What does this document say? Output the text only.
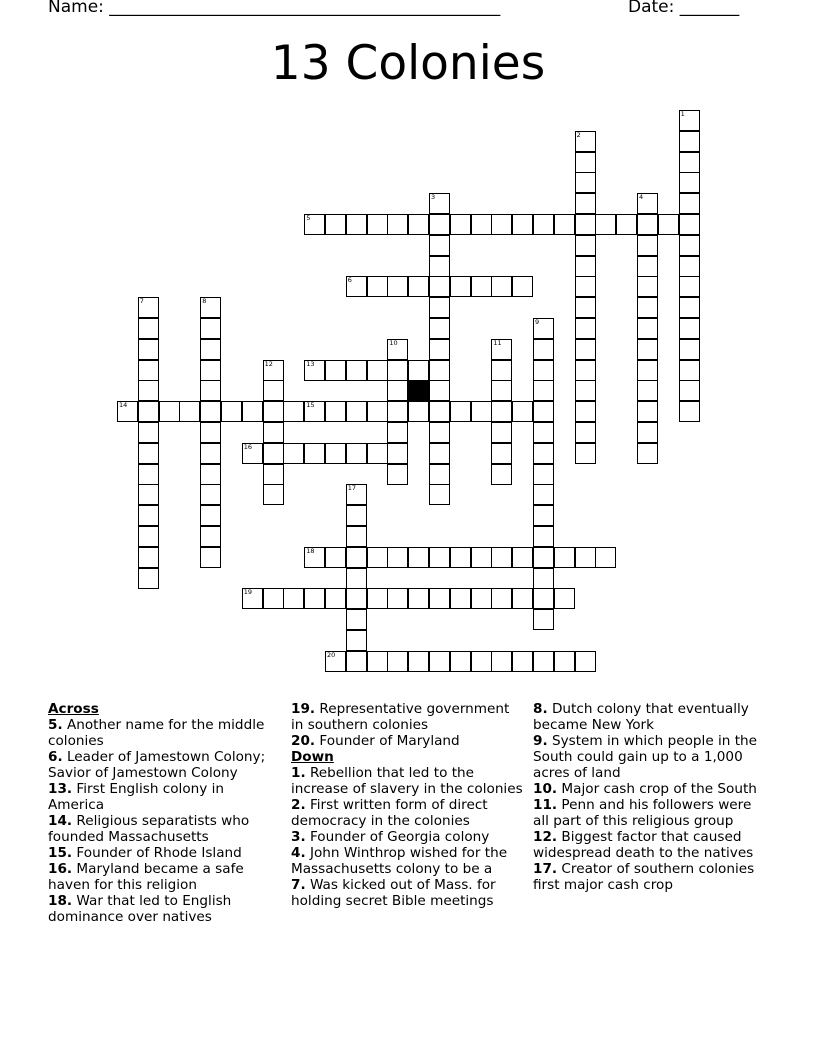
Name: ______________________________________________	Date: _______
13 Colonies
1
2
3	4
5
6
7	8
9
10	11
12	13
14	15
16
17
18
19
20
Across
5. Another name for the middle colonies
6. Leader of Jamestown Colony; Savior of Jamestown Colony
13. First English colony in America
14. Religious separatists who founded Massachusetts
15. Founder of Rhode Island
16. Maryland became a safe haven for this religion
18. War that led to English dominance over natives
19. Representative government in southern colonies
20. Founder of Maryland
Down
1. Rebellion that led to the increase of slavery in the colonies
2. First written form of direct democracy in the colonies
3. Founder of Georgia colony
4. John Winthrop wished for the Massachusetts colony to be a
7. Was kicked out of Mass. for holding secret Bible meetings
8. Dutch colony that eventually became New York
9. System in which people in the South could gain up to a 1,000 acres of land
10. Major cash crop of the South
11. Penn and his followers were all part of this religious group
12. Biggest factor that caused widespread death to the natives
17. Creator of southern colonies first major cash crop
